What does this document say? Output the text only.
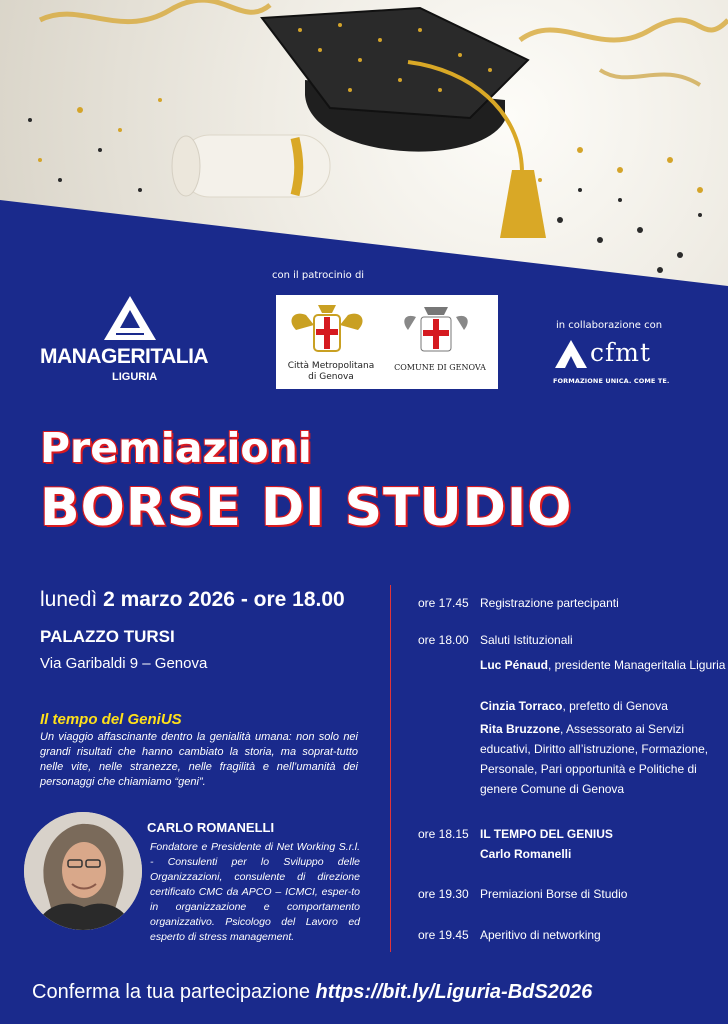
con il patrocinio di
MANAGERITALIA
LIGURIA
Città Metropolitana
di Genova
COMUNE DI GENOVA
in collaborazione con
cfmt
FORMAZIONE UNICA. COME TE.
Premiazioni
BORSE DI STUDIO
lunedì 2 marzo 2026 - ore 18.00
PALAZZO TURSI
Via Garibaldi 9 – Genova
Il tempo del GeniUS
Un viaggio affascinante dentro la genialità umana: non solo nei grandi risultati che hanno cambiato la storia, ma soprat-tutto nelle vite, nelle stranezze, nelle fragilità e nell’umanità dei personaggi che chiamiamo “geni”.
CARLO ROMANELLI
Fondatore e Presidente di Net Working S.r.l. - Consulenti per lo Sviluppo delle Organizzazioni, consulente di direzione certificato CMC da APCO – ICMCI, esper-to in organizzazione e comportamento organizzativo. Psicologo del Lavoro ed esperto di stress management.
ore 17.45 Registrazione partecipanti
ore 18.00 Saluti Istituzionali
Luc Pénaud, presidente Manageritalia Liguria
Cinzia Torraco, prefetto di Genova
Rita Bruzzone, Assessorato ai Servizi educativi, Diritto all’istruzione, Formazione, Personale, Pari opportunità e Politiche di genere Comune di Genova
ore 18.15 IL TEMPO DEL GENIUS
Carlo Romanelli
ore 19.30 Premiazioni Borse di Studio
ore 19.45 Aperitivo di networking
Conferma la tua partecipazione https://bit.ly/Liguria-BdS2026
